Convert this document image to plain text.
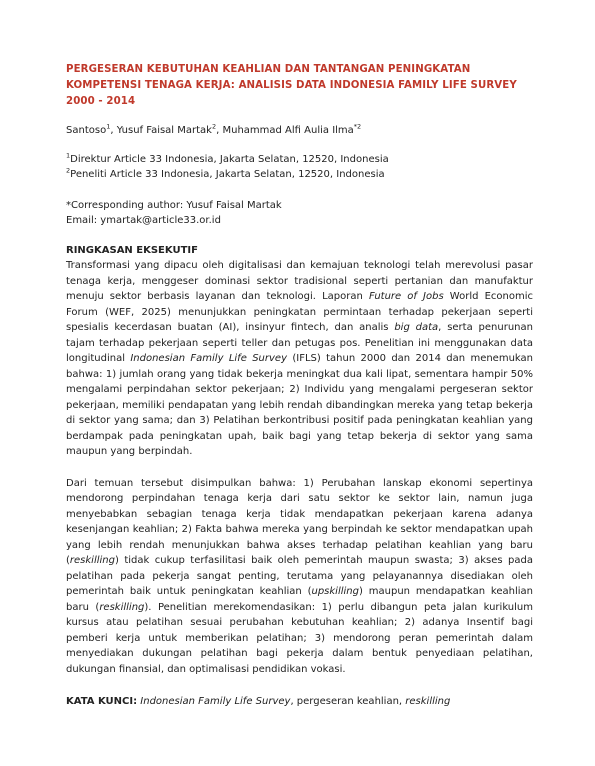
PERGESERAN KEBUTUHAN KEAHLIAN DAN TANTANGAN PENINGKATAN KOMPETENSI TENAGA KERJA: ANALISIS DATA INDONESIA FAMILY LIFE SURVEY 2000 - 2014
Santoso$^1$, Yusuf Faisal Martak$^2$, Muhammad Alfi Aulia Ilma$^{*2}$
$^1$Direktur Article 33 Indonesia, Jakarta Selatan, 12520, Indonesia
$^2$Peneliti Article 33 Indonesia, Jakarta Selatan, 12520, Indonesia
*Corresponding author: Yusuf Faisal Martak
Email: ymartak@article33.or.id
RINGKASAN EKSEKUTIF

Transformasi yang dipacu oleh digitalisasi dan kemajuan teknologi telah merevolusi pasar tenaga kerja, menggeser dominasi sektor tradisional seperti pertanian dan manufaktur menuju sektor berbasis layanan dan teknologi. Laporan Future of Jobs World Economic Forum (WEF, 2025) menunjukkan peningkatan permintaan terhadap pekerjaan seperti spesialis kecerdasan buatan (AI), insinyur fintech, dan analis big data, serta penurunan tajam terhadap pekerjaan seperti teller dan petugas pos. Penelitian ini menggunakan data longitudinal Indonesian Family Life Survey (IFLS) tahun 2000 dan 2014 dan menemukan bahwa: 1) jumlah orang yang tidak bekerja meningkat dua kali lipat, sementara hampir 50% mengalami perpindahan sektor pekerjaan; 2) Individu yang mengalami pergeseran sektor pekerjaan, memiliki pendapatan yang lebih rendah dibandingkan mereka yang tetap bekerja di sektor yang sama; dan 3) Pelatihan berkontribusi positif pada peningkatan keahlian yang berdampak pada peningkatan upah, baik bagi yang tetap bekerja di sektor yang sama maupun yang berpindah.

Dari temuan tersebut disimpulkan bahwa: 1) Perubahan lanskap ekonomi sepertinya mendorong perpindahan tenaga kerja dari satu sektor ke sektor lain, namun juga menyebabkan sebagian tenaga kerja tidak mendapatkan pekerjaan karena adanya kesenjangan keahlian; 2) Fakta bahwa mereka yang berpindah ke sektor mendapatkan upah yang lebih rendah menunjukkan bahwa akses terhadap pelatihan keahlian yang baru (reskilling) tidak cukup terfasilitasi baik oleh pemerintah maupun swasta; 3) akses pada pelatihan pada pekerja sangat penting, terutama yang pelayanannya disediakan oleh pemerintah baik untuk peningkatan keahlian (upskilling) maupun mendapatkan keahlian baru (reskilling). Penelitian merekomendasikan: 1) perlu dibangun peta jalan kurikulum kursus atau pelatihan sesuai perubahan kebutuhan keahlian; 2) adanya Insentif bagi pemberi kerja untuk memberikan pelatihan; 3) mendorong peran pemerintah dalam menyediakan dukungan pelatihan bagi pekerja dalam bentuk penyediaan pelatihan, dukungan finansial, dan optimalisasi pendidikan vokasi.

KATA KUNCI: Indonesian Family Life Survey, pergeseran keahlian, reskilling
